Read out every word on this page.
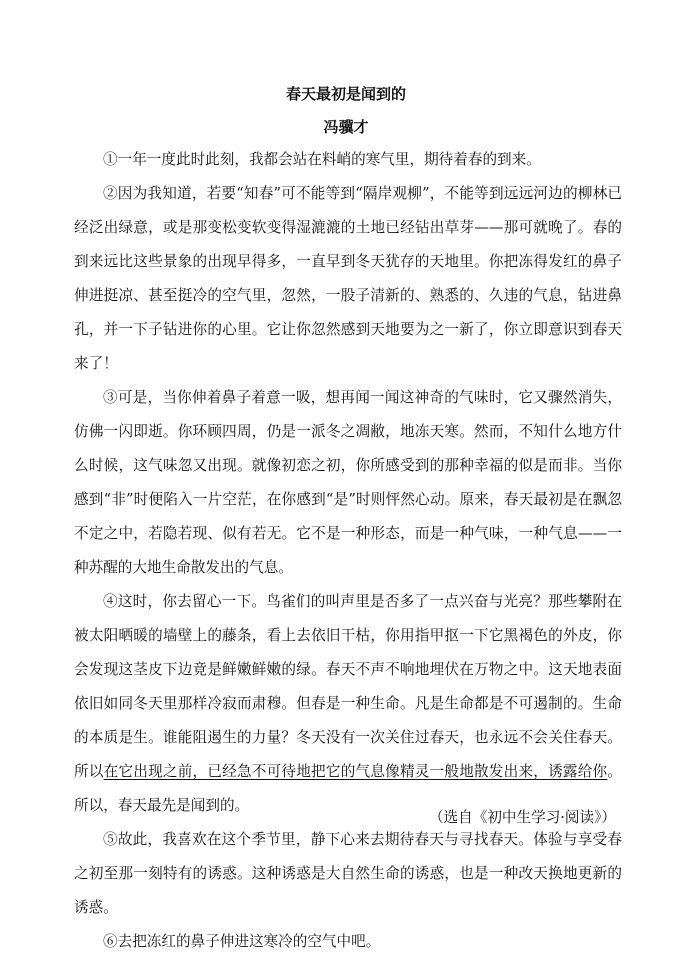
春天最初是闻到的
冯骥才

①一年一度此时此刻，我都会站在料峭的寒气里，期待着春的到来。

②因为我知道，若要“知春”可不能等到“隔岸观柳”，不能等到远远河边的柳林已经泛出绿意，或是那变松变软变得湿漉漉的土地已经钻出草芽——那可就晚了。春的到来远比这些景象的出现早得多，一直早到冬天犹存的天地里。你把冻得发红的鼻子伸进挺凉、甚至挺冷的空气里，忽然，一股子清新的、熟悉的、久违的气息，钻进鼻孔，并一下子钻进你的心里。它让你忽然感到天地要为之一新了，你立即意识到春天来了！

③可是，当你伸着鼻子着意一吸，想再闻一闻这神奇的气味时，它又骤然消失，仿佛一闪即逝。你环顾四周，仍是一派冬之凋敝，地冻天寒。然而，不知什么地方什么时候，这气味忽又出现。就像初恋之初，你所感受到的那种幸福的似是而非。当你感到“非”时便陷入一片空茫，在你感到“是”时则怦然心动。原来，春天最初是在飘忽不定之中，若隐若现、似有若无。它不是一种形态，而是一种气味，一种气息——一种苏醒的大地生命散发出的气息。

④这时，你去留心一下。鸟雀们的叫声里是否多了一点兴奋与光亮？那些攀附在被太阳晒暖的墙壁上的藤条，看上去依旧干枯，你用指甲抠一下它黑褐色的外皮，你会发现这茎皮下边竟是鲜嫩鲜嫩的绿。春天不声不响地埋伏在万物之中。这天地表面依旧如同冬天里那样冷寂而肃穆。但春是一种生命。凡是生命都是不可遏制的。生命的本质是生。谁能阻遏生的力量？冬天没有一次关住过春天，也永远不会关住春天。所以在它出现之前，已经急不可待地把它的气息像精灵一般地散发出来，诱露给你。所以，春天最先是闻到的。

⑤故此，我喜欢在这个季节里，静下心来去期待春天与寻找春天。体验与享受春之初至那一刻特有的诱惑。这种诱惑是大自然生命的诱惑，也是一种改天换地更新的诱惑。

⑥去把冻红的鼻子伸进这寒冷的空气中吧。

（选自《初中生学习·阅读》）
